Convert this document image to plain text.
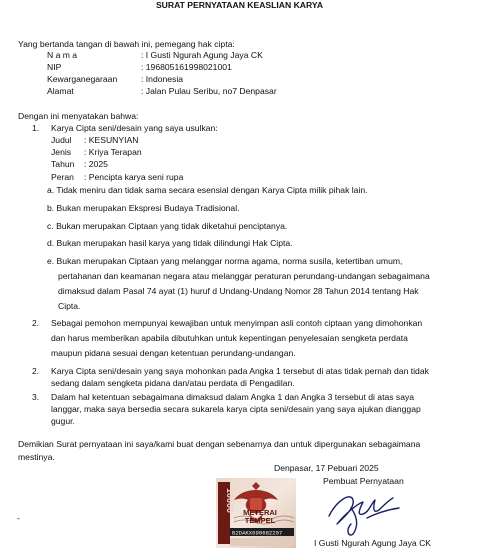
SURAT PERNYATAAN KEASLIAN KARYA
Yang bertanda tangan di bawah ini, pemegang hak cipta:
N a m a	: I Gusti Ngurah Agung Jaya CK
NIP	: 196805161998021001
Kewarganegaraan	: Indonesia
Alamat	: Jalan Pulau Seribu, no7 Denpasar
Dengan ini menyatakan bahwa:
1. Karya Cipta seni/desain yang saya usulkan:
Judul : KESUNYIAN
Jenis : Kriya Terapan
Tahun : 2025
Peran : Pencipta karya seni rupa
a. Tidak meniru dan tidak sama secara esensial dengan Karya Cipta milik pihak lain.
b. Bukan merupakan Ekspresi Budaya Tradisional.
c. Bukan merupakan Ciptaan yang tidak diketahui penciptanya.
d. Bukan merupakan hasil karya yang tidak dilindungi Hak Cipta.
e. Bukan merupakan Ciptaan yang melanggar norma agama, norma susila, ketertiban umum,
pertahanan dan keamanan negara atau melanggar peraturan perundang-undangan sebagaimana
dimaksud dalam Pasal 74 ayat (1) huruf d Undang-Undang Nomor 28 Tahun 2014 tentang Hak
Cipta.
2. Sebagai pemohon mempunyai kewajiban untuk menyimpan asli contoh ciptaan yang dimohonkan
dan harus memberikan apabila dibutuhkan untuk kepentingan penyelesaian sengketa perdata
maupun pidana sesuai dengan ketentuan perundang-undangan.
2. Karya Cipta seni/desain yang saya mohonkan pada Angka 1 tersebut di atas tidak pernah dan tidak
sedang dalam sengketa pidana dan/atau perdata di Pengadilan.
3. Dalam hal ketentuan sebagaimana dimaksud dalam Angka 1 dan Angka 3 tersebut di atas saya
langgar, maka saya bersedia secara sukarela karya cipta seni/desain yang saya ajukan dianggap
gugur.
Demikian Surat pernyataan ini saya/kami buat dengan sebenarnya dan untuk dipergunakan sebagaimana
mestinya.
Denpasar, 17 Pebuari 2025
Pembuat Pernyataan
-
10000 METERAI
TEMPEL
B2DAKX690682207
I Gusti Ngurah Agung Jaya CK
